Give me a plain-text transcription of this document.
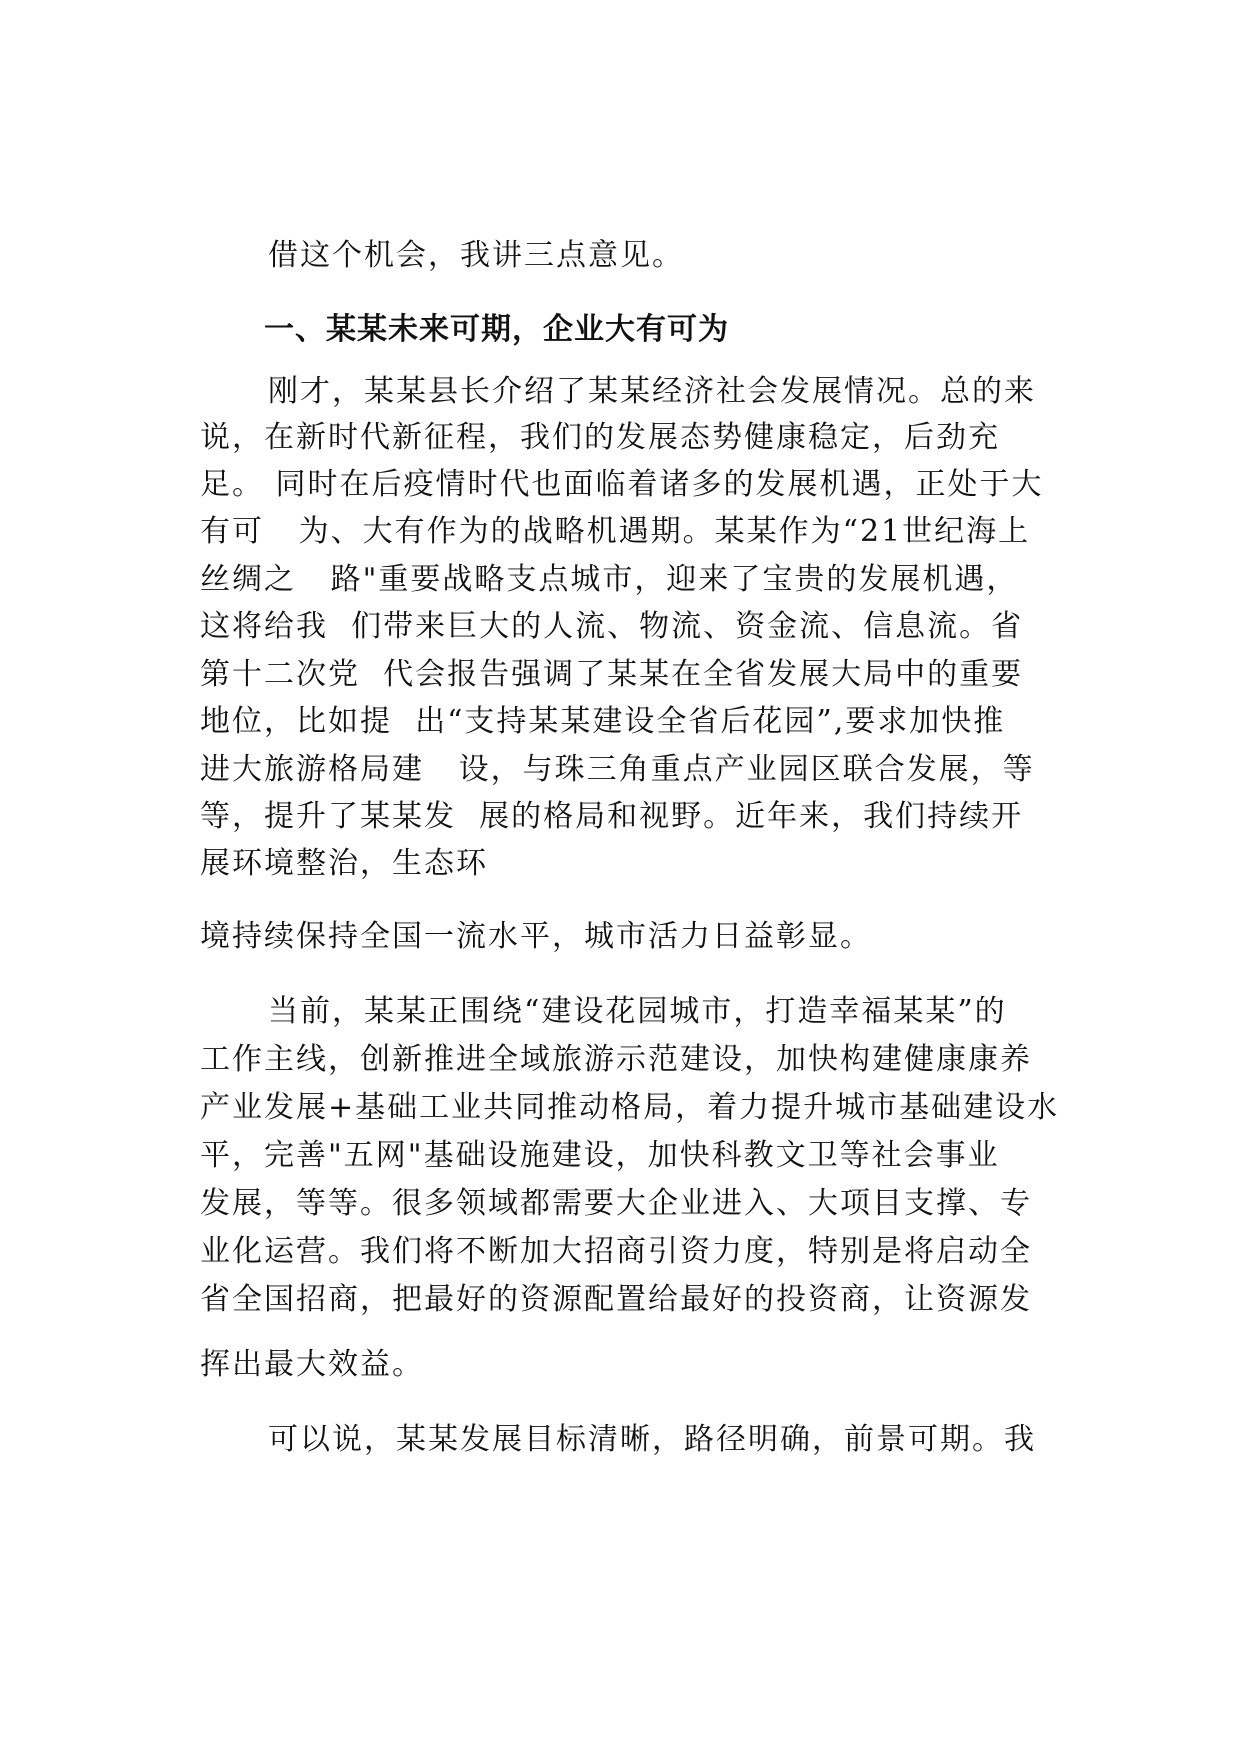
借这个机会，我讲三点意见。
一、某某未来可期，企业大有可为
刚才，某某县长介绍了某某经济社会发展情况。总的来
说，在新时代新征程，我们的发展态势健康稳定，后劲充
足。 同时在后疫情时代也面临着诸多的发展机遇，正处于大
有可   为、大有作为的战略机遇期。某某作为“21世纪海上
丝绸之   路"重要战略支点城市，迎来了宝贵的发展机遇，
这将给我  们带来巨大的人流、物流、资金流、信息流。省
第十二次党  代会报告强调了某某在全省发展大局中的重要
地位，比如提  出“支持某某建设全省后花园”,要求加快推
进大旅游格局建   设，与珠三角重点产业园区联合发展，等
等，提升了某某发  展的格局和视野。近年来，我们持续开
展环境整治，生态环
境持续保持全国一流水平，城市活力日益彰显。
当前，某某正围绕“建设花园城市，打造幸福某某”的
工作主线，创新推进全域旅游示范建设，加快构建健康康养
产业发展+基础工业共同推动格局，着力提升城市基础建设水
平，完善"五网"基础设施建设，加快科教文卫等社会事业
发展，等等。很多领域都需要大企业进入、大项目支撑、专
业化运营。我们将不断加大招商引资力度，特别是将启动全
省全国招商，把最好的资源配置给最好的投资商，让资源发
挥出最大效益。
可以说，某某发展目标清晰，路径明确，前景可期。我
